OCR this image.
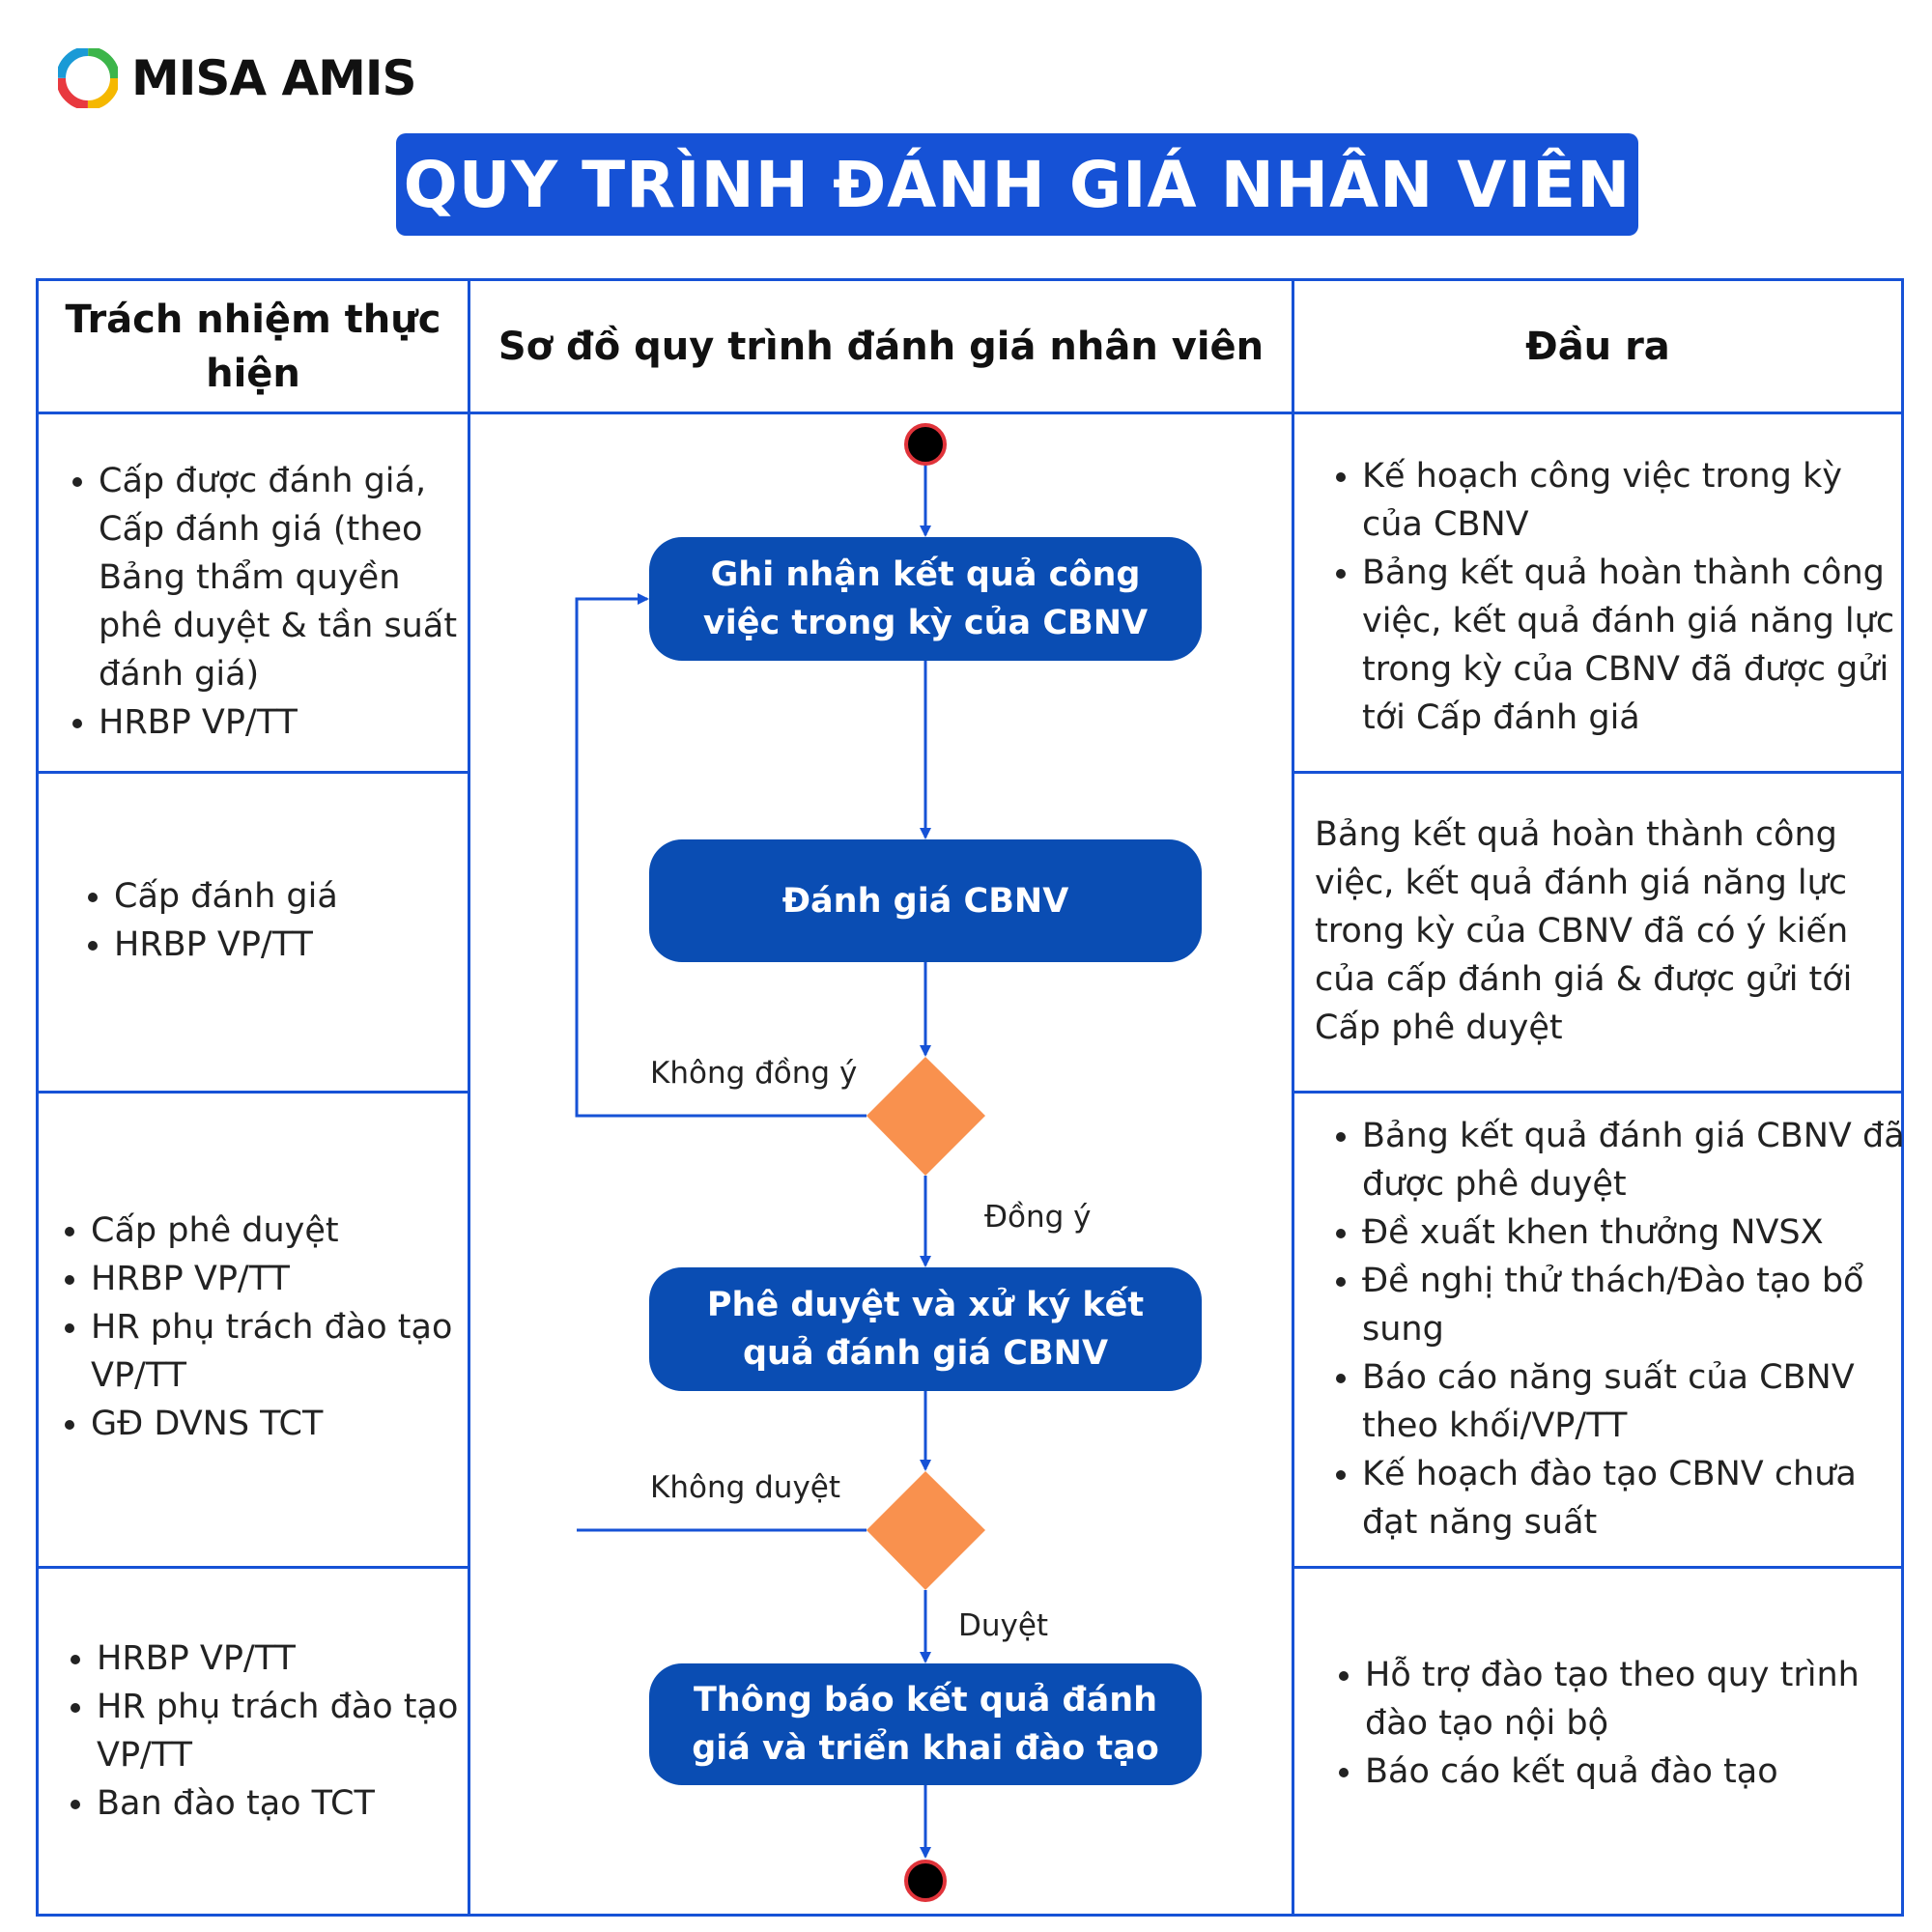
MISA AMIS
QUY TRÌNH ĐÁNH GIÁ NHÂN VIÊN
Trách nhiệm thực hiện
Sơ đồ quy trình đánh giá nhân viên	Đầu ra
• Cấp được đánh giá, Cấp đánh giá (theo Bảng thẩm quyền phê duyệt & tần suất đánh giá)
• HRBP VP/TT
• Kế hoạch công việc trong kỳ của CBNV
• Bảng kết quả hoàn thành công việc, kết quả đánh giá năng lực trong kỳ của CBNV đã được gửi tới Cấp đánh giá
• Cấp đánh giá
• HRBP VP/TT
Bảng kết quả hoàn thành công việc, kết quả đánh giá năng lực trong kỳ của CBNV đã có ý kiến của cấp đánh giá & được gửi tới Cấp phê duyệt
• Cấp phê duyệt
• HRBP VP/TT
• HR phụ trách đào tạo VP/TT
• GĐ DVNS TCT
• Bảng kết quả đánh giá CBNV đã được phê duyệt
• Đề xuất khen thưởng NVSX
• Đề nghị thử thách/Đào tạo bổ sung
• Báo cáo năng suất của CBNV theo khối/VP/TT
• Kế hoạch đào tạo CBNV chưa đạt năng suất
• HRBP VP/TT
• HR phụ trách đào tạo VP/TT
• Ban đào tạo TCT
• Hỗ trợ đào tạo theo quy trình đào tạo nội bộ
• Báo cáo kết quả đào tạo
Ghi nhận kết quả công việc trong kỳ của CBNV
Đánh giá CBNV
Phê duyệt và xử ký kết quả đánh giá CBNV
Thông báo kết quả đánh giá và triển khai đào tạo
Không đồng ý
Đồng ý
Không duyệt
Duyệt
